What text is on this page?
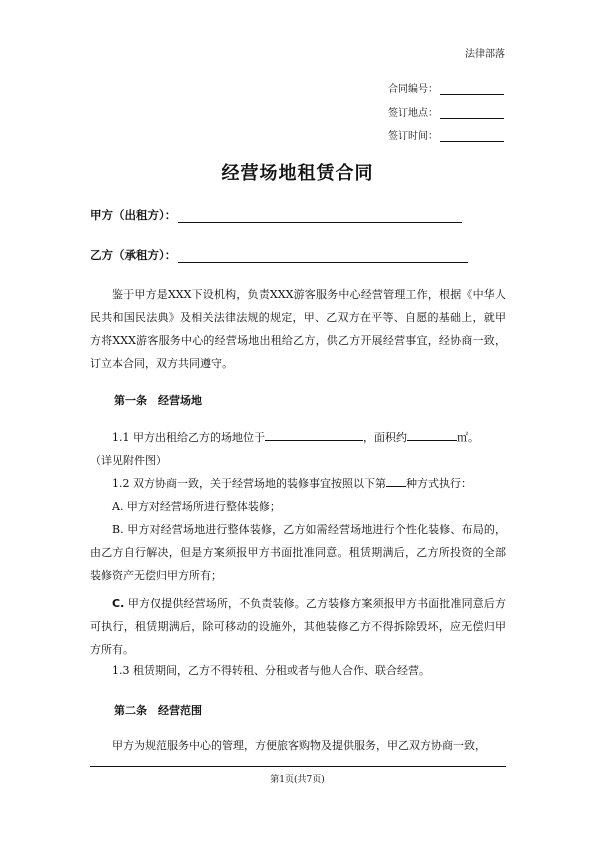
法律部落
合同编号：
签订地点：
签订时间：
经营场地租赁合同
甲方（出租方）：
乙方（承租方）：
鉴于甲方是XXX下设机构，负责XXX游客服务中心经营管理工作，根据《中华人民共和国民法典》及相关法律法规的规定，甲、乙双方在平等、自愿的基础上，就甲方将XXX游客服务中心的经营场地出租给乙方，供乙方开展经营事宜，经协商一致，订立本合同，双方共同遵守。
第一条　经营场地
1.1 甲方出租给乙方的场地位于	，面积约	㎡。
（详见附件图）
1.2 双方协商一致，关于经营场地的装修事宜按照以下第 种方式执行：
A. 甲方对经营场所进行整体装修；
B. 甲方对经营场地进行整体装修，乙方如需经营场地进行个性化装修、布局的，由乙方自行解决，但是方案须报甲方书面批准同意。租赁期满后，乙方所投资的全部装修资产无偿归甲方所有；
C. 甲方仅提供经营场所，不负责装修。乙方装修方案须报甲方书面批准同意后方可执行，租赁期满后，除可移动的设施外，其他装修乙方不得拆除毁坏，应无偿归甲方所有。
1.3 租赁期间，乙方不得转租、分租或者与他人合作、联合经营。
第二条　经营范围
甲方为规范服务中心的管理，方便旅客购物及提供服务，甲乙双方协商一致，
第1页(共7页)
